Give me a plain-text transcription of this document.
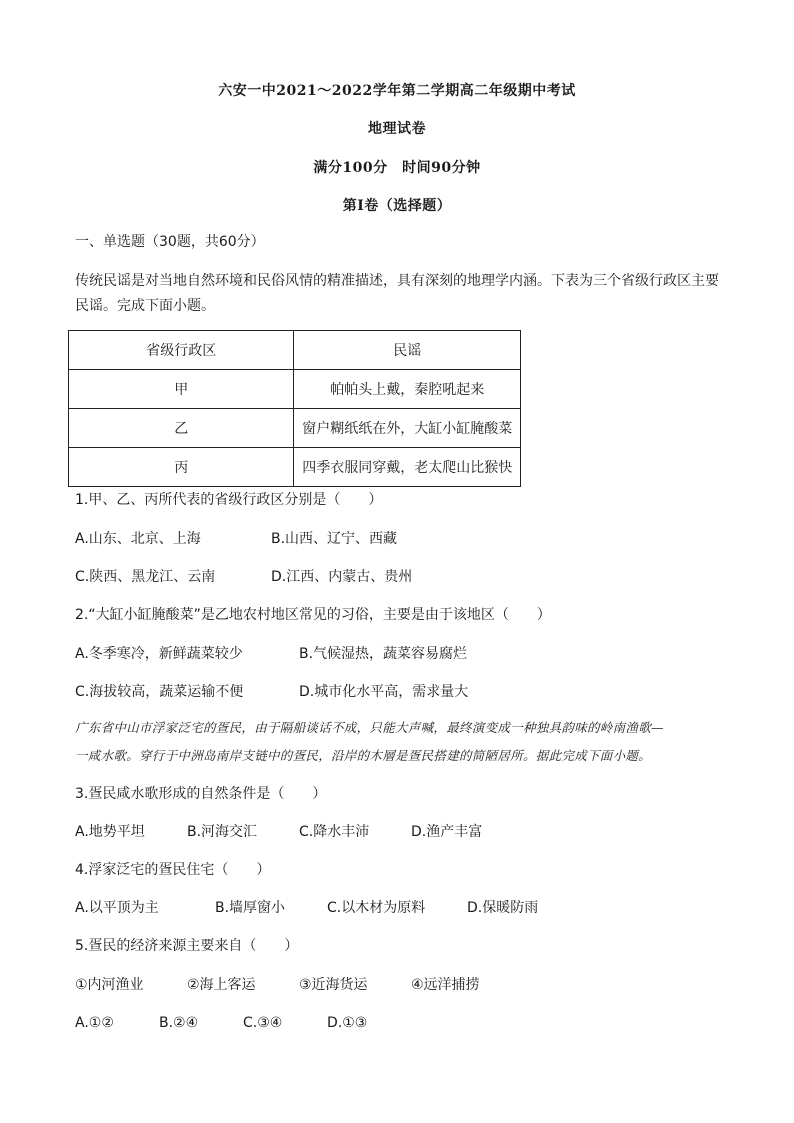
六安一中2021～2022学年第二学期高二年级期中考试
地理试卷
满分100分　时间90分钟
第Ⅰ卷（选择题）
一、单选题（30题，共60分）
传统民谣是对当地自然环境和民俗风情的精准描述，具有深刻的地理学内涵。下表为三个省级行政区主要
民谣。完成下面小题。
省级行政区	民谣
甲	帕帕头上戴，秦腔吼起来
乙	窗户糊纸纸在外，大缸小缸腌酸菜
丙	四季衣服同穿戴，老太爬山比猴快
1.甲、乙、丙所代表的省级行政区分别是（　　）
A.山东、北京、上海	B.山西、辽宁、西藏
C.陕西、黑龙江、云南	D.江西、内蒙古、贵州
2.“大缸小缸腌酸菜”是乙地农村地区常见的习俗，主要是由于该地区（　　）
A.冬季寒冷，新鲜蔬菜较少	B.气候湿热，蔬菜容易腐烂
C.海拔较高，蔬菜运输不便	D.城市化水平高，需求量大
广东省中山市浮家泛宅的疍民，由于隔船谈话不成，只能大声喊，最终演变成一种独具韵味的岭南渔歌—
一咸水歌。穿行于中洲岛南岸支链中的疍民，沿岸的木層是疍民搭建的简陋居所。据此完成下面小题。
3.疍民咸水歌形成的自然条件是（　　）
A.地势平坦	B.河海交汇	C.降水丰沛	D.渔产丰富
4.浮家泛宅的疍民住宅（　　）
A.以平顶为主	B.墙厚窗小	C.以木材为原料	D.保暖防雨
5.疍民的经济来源主要来自（　　）
①内河渔业	②海上客运	③近海货运	④远洋捕捞
A.①②	B.②④	C.③④	D.①③
